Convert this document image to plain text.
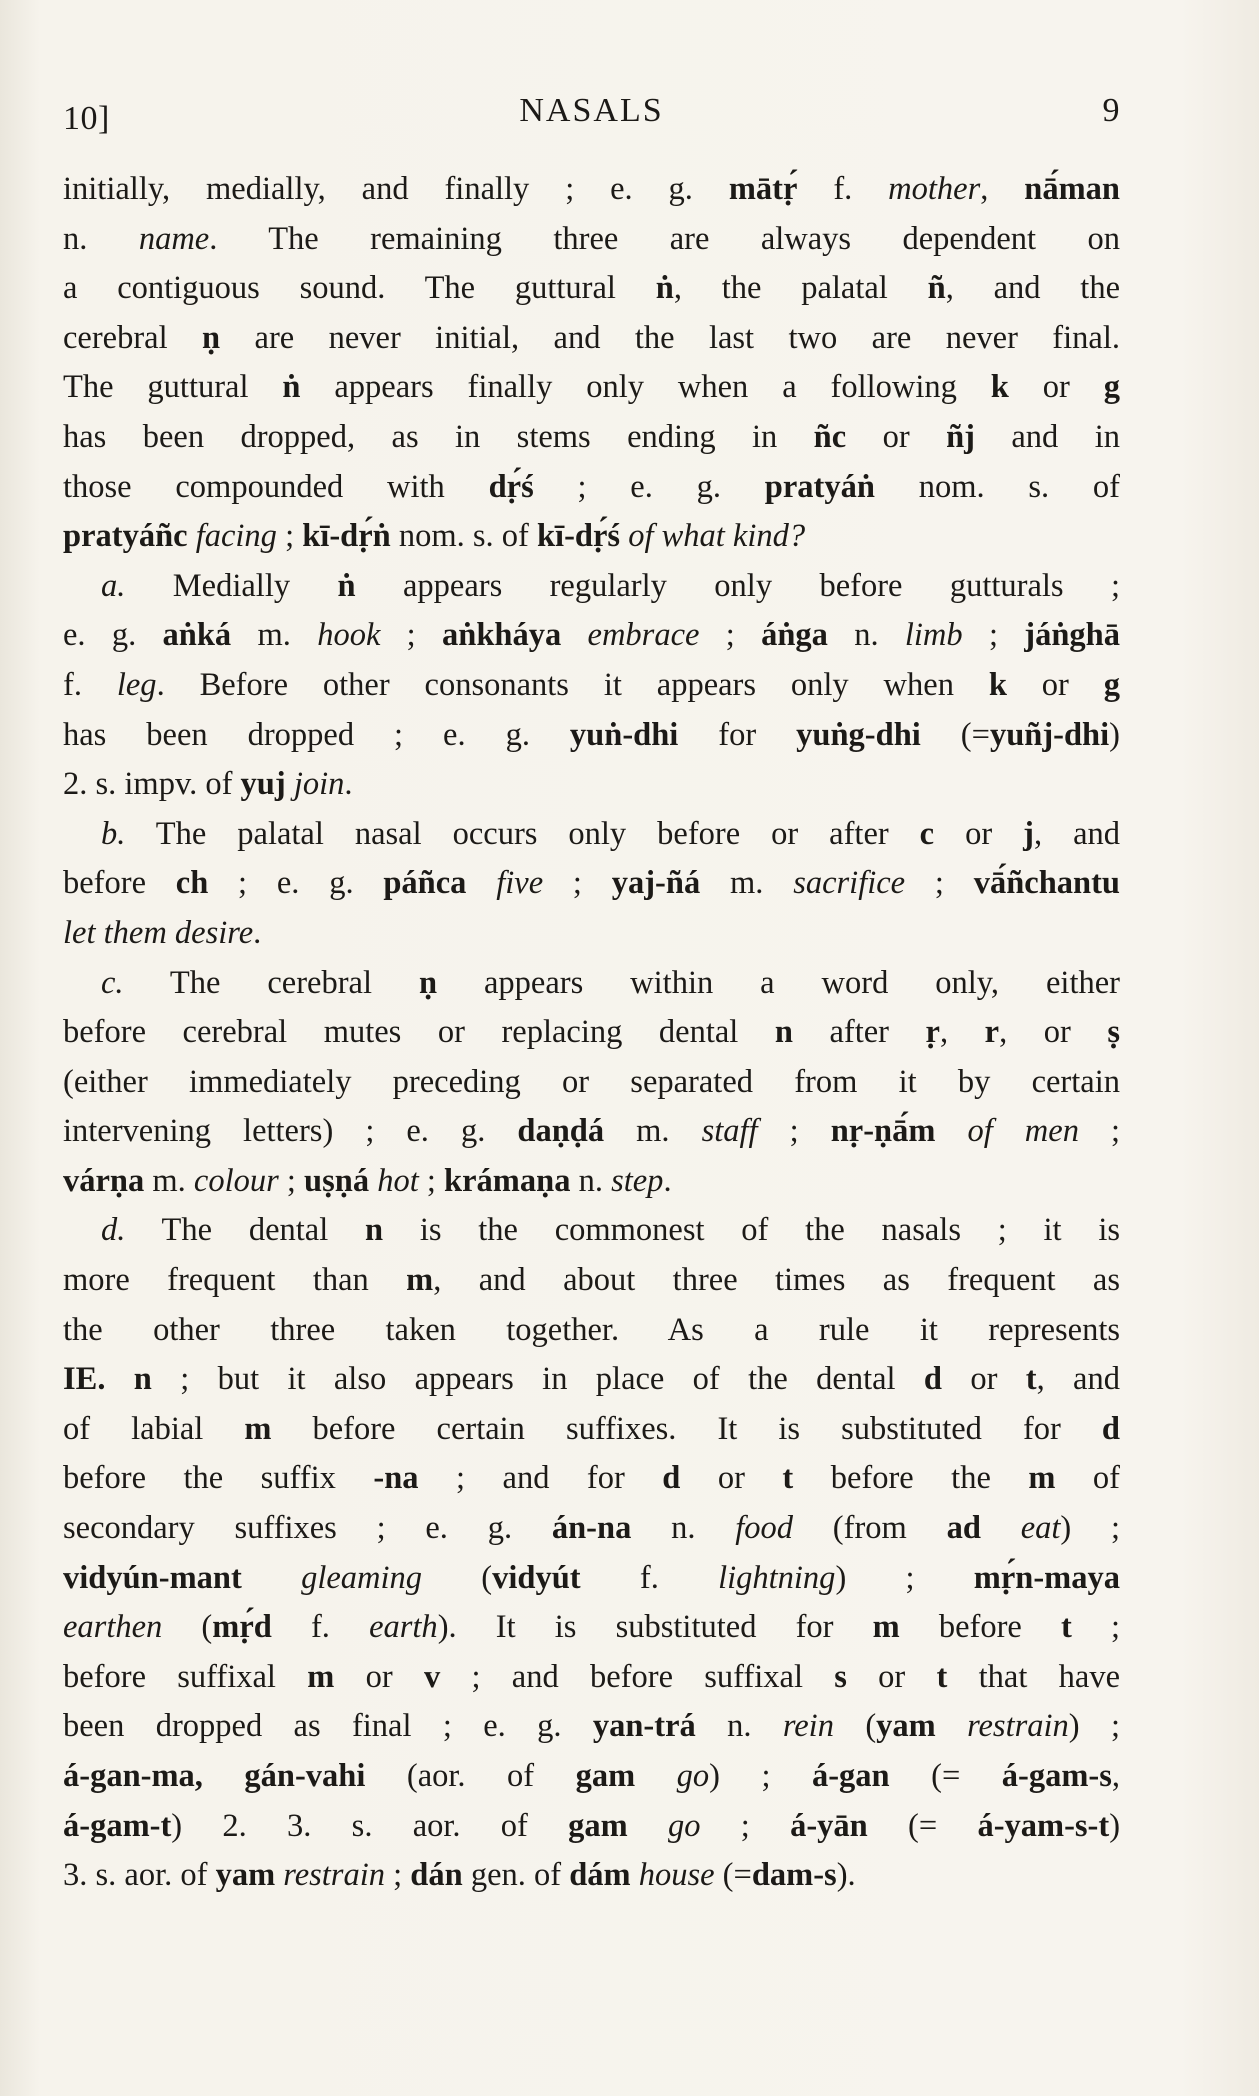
10]	NASALS	9
initially, medially, and finally ; e. g. mātṛ́ f. mother, nā́man
n. name. The remaining three are always dependent on
a contiguous sound. The guttural ṅ, the palatal ñ, and the
cerebral ṇ are never initial, and the last two are never final.
The guttural ṅ appears finally only when a following k or g
has been dropped, as in stems ending in ñc or ñj and in
those compounded with dṛ́ś ; e. g. pratyáṅ nom. s. of
pratyáñc facing ; kī-dṛ́ṅ nom. s. of kī-dṛ́ś of what kind?
a. Medially ṅ appears regularly only before gutturals ;
e. g. aṅká m. hook ; aṅkháya embrace ; áṅga n. limb ; jáṅghā
f. leg. Before other consonants it appears only when k or g
has been dropped ; e. g. yuṅ-dhi for yuṅg-dhi (=yuñj-dhi)
2. s. impv. of yuj join.
b. The palatal nasal occurs only before or after c or j, and
before ch ; e. g. páñca five ; yaj-ñá m. sacrifice ; vā́ñchantu
let them desire.
c. The cerebral ṇ appears within a word only, either
before cerebral mutes or replacing dental n after ṛ, r, or ṣ
(either immediately preceding or separated from it by certain
intervening letters) ; e. g. daṇḍá m. staff ; nṛ-ṇā́m of men ;
várṇa m. colour ; uṣṇá hot ; krámaṇa n. step.
d. The dental n is the commonest of the nasals ; it is
more frequent than m, and about three times as frequent as
the other three taken together. As a rule it represents
IE. n ; but it also appears in place of the dental d or t, and
of labial m before certain suffixes. It is substituted for d
before the suffix -na ; and for d or t before the m of
secondary suffixes ; e. g. án-na n. food (from ad eat) ;
vidyún-mant gleaming (vidyút f. lightning) ; mṛ́n-maya
earthen (mṛ́d f. earth). It is substituted for m before t ;
before suffixal m or v ; and before suffixal s or t that have
been dropped as final ; e. g. yan-trá n. rein (yam restrain) ;
á-gan-ma, gán-vahi (aor. of gam go) ; á-gan (= á-gam-s,
á-gam-t) 2. 3. s. aor. of gam go ; á-yān (= á-yam-s-t)
3. s. aor. of yam restrain ; dán gen. of dám house (=dam-s).
